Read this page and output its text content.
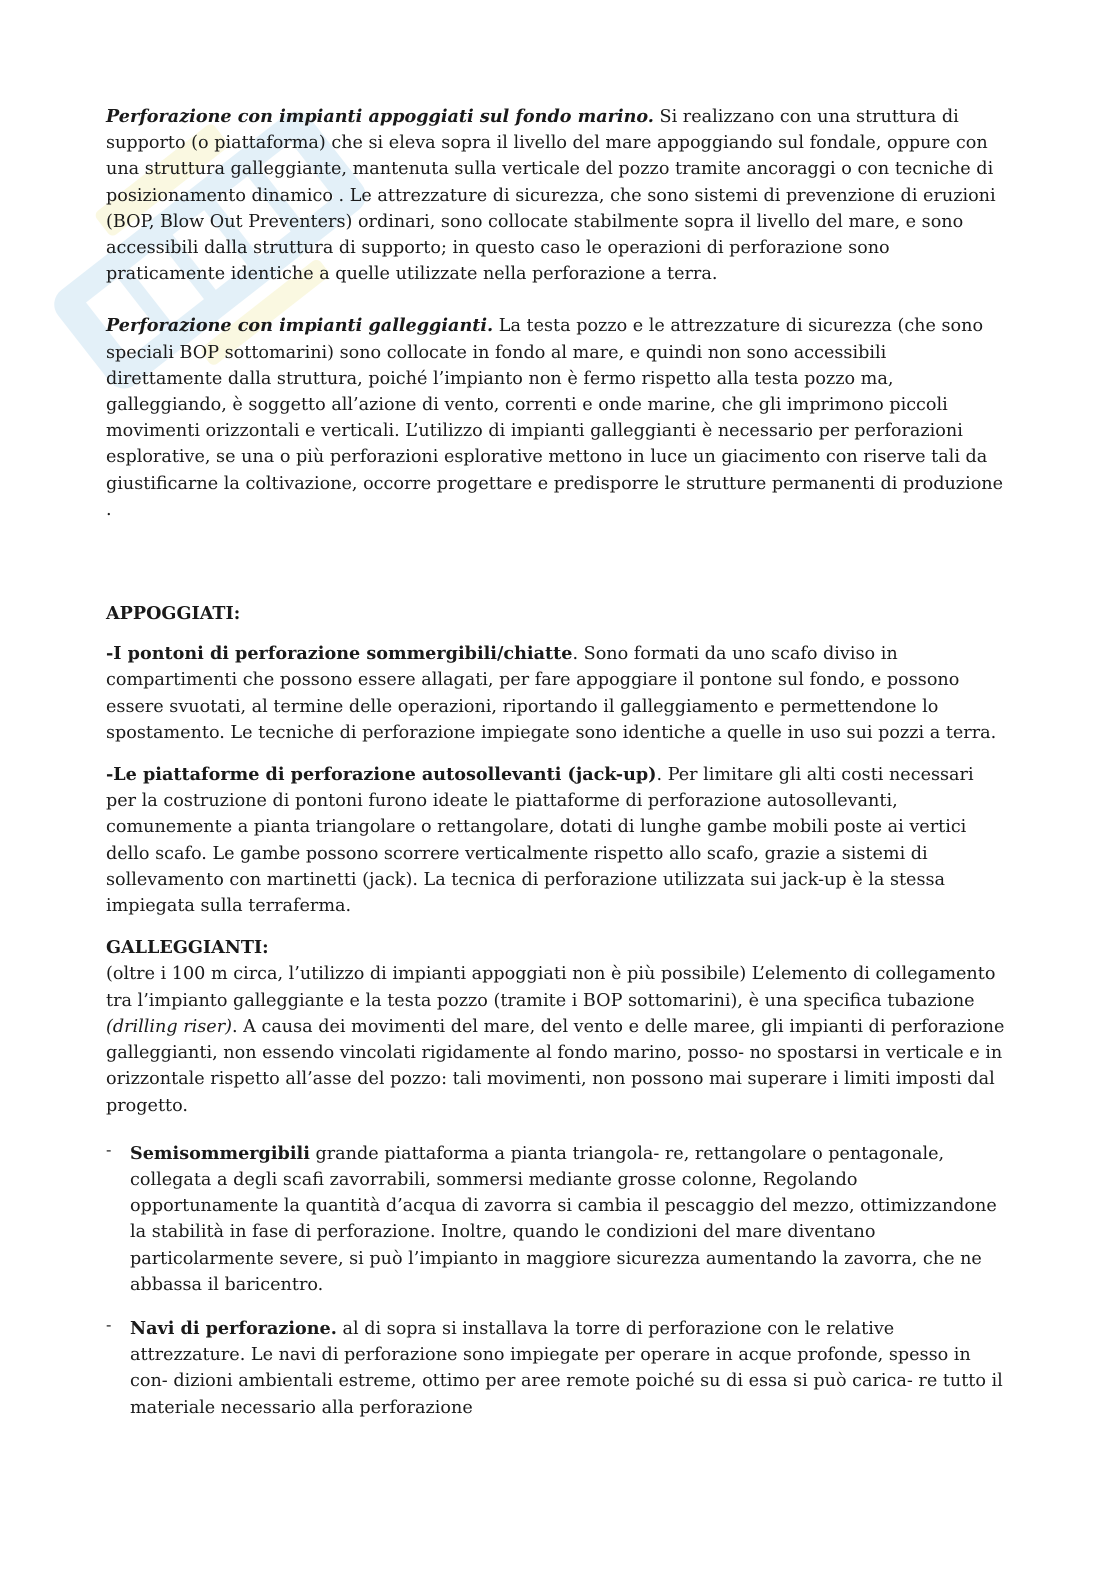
Perforazione con impianti appoggiati sul fondo marino. Si realizzano con una struttura di supporto (o piattaforma) che si eleva sopra il livello del mare appoggiando sul fondale, oppure con una struttura galleggiante, mantenuta sulla verticale del pozzo tramite ancoraggi o con tecniche di posizionamento dinamico . Le attrezzature di sicurezza, che sono sistemi di prevenzione di eruzioni (BOP, Blow Out Preventers) ordinari, sono collocate stabilmente sopra il livello del mare, e sono accessibili dalla struttura di supporto; in questo caso le operazioni di perforazione sono praticamente identiche a quelle utilizzate nella perforazione a terra.

Perforazione con impianti galleggianti. La testa pozzo e le attrezzature di sicurezza (che sono speciali BOP sottomarini) sono collocate in fondo al mare, e quindi non sono accessibili direttamente dalla struttura, poiché l’impianto non è fermo rispetto alla testa pozzo ma, galleggiando, è soggetto all’azione di vento, correnti e onde marine, che gli imprimono piccoli movimenti orizzontali e verticali. L’utilizzo di impianti galleggianti è necessario per perforazioni esplorative, se una o più perforazioni esplorative mettono in luce un giacimento con riserve tali da giustificarne la coltivazione, occorre progettare e predisporre le strutture permanenti di produzione .

APPOGGIATI:

-I pontoni di perforazione sommergibili/chiatte. Sono formati da uno scafo diviso in compartimenti che possono essere allagati, per fare appoggiare il pontone sul fondo, e possono essere svuotati, al termine delle operazioni, riportando il galleggiamento e permettendone lo spostamento. Le tecniche di perforazione impiegate sono identiche a quelle in uso sui pozzi a terra.

-Le piattaforme di perforazione autosollevanti (jack-up). Per limitare gli alti costi necessari per la costruzione di pontoni furono ideate le piattaforme di perforazione autosollevanti, comunemente a pianta triangolare o rettangolare, dotati di lunghe gambe mobili poste ai vertici dello scafo. Le gambe possono scorrere verticalmente rispetto allo scafo, grazie a sistemi di sollevamento con martinetti (jack). La tecnica di perforazione utilizzata sui jack-up è la stessa impiegata sulla terraferma.

GALLEGGIANTI:

(oltre i 100 m circa, l’utilizzo di impianti appoggiati non è più possibile) L’elemento di collegamento tra l’impianto galleggiante e la testa pozzo (tramite i BOP sottomarini), è una specifica tubazione (drilling riser). A causa dei movimenti del mare, del vento e delle maree, gli impianti di perforazione galleggianti, non essendo vincolati rigidamente al fondo marino, posso- no spostarsi in verticale e in orizzontale rispetto all’asse del pozzo: tali movimenti, non possono mai superare i limiti imposti dal progetto.

- Semisommergibili grande piattaforma a pianta triangola- re, rettangolare o pentagonale, collegata a degli scafi zavorrabili, sommersi mediante grosse colonne, Regolando opportunamente la quantità d’acqua di zavorra si cambia il pescaggio del mezzo, ottimizzandone la stabilità in fase di perforazione. Inoltre, quando le condizioni del mare diventano particolarmente severe, si può l’impianto in maggiore sicurezza aumentando la zavorra, che ne abbassa il baricentro.

- Navi di perforazione. al di sopra si installava la torre di perforazione con le relative attrezzature. Le navi di perforazione sono impiegate per operare in acque profonde, spesso in con- dizioni ambientali estreme, ottimo per aree remote poiché su di essa si può carica- re tutto il materiale necessario alla perforazione
